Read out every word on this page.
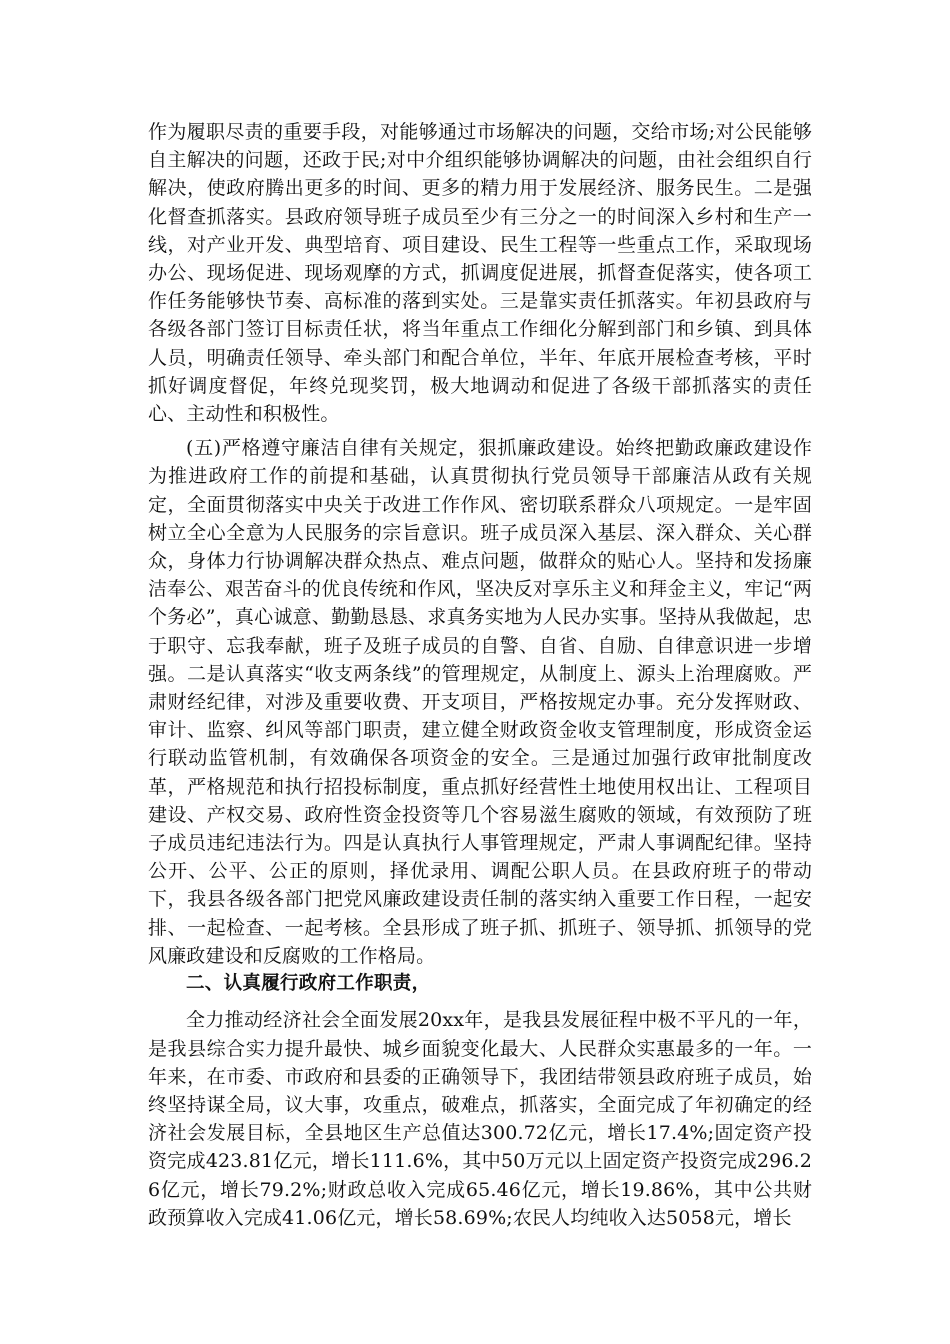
作为履职尽责的重要手段，对能够通过市场解决的问题，交给市场;对公民能够自主解决的问题，还政于民;对中介组织能够协调解决的问题，由社会组织自行解决，使政府腾出更多的时间、更多的精力用于发展经济、服务民生。二是强化督查抓落实。县政府领导班子成员至少有三分之一的时间深入乡村和生产一线，对产业开发、典型培育、项目建设、民生工程等一些重点工作，采取现场办公、现场促进、现场观摩的方式，抓调度促进展，抓督查促落实，使各项工作任务能够快节奏、高标准的落到实处。三是靠实责任抓落实。年初县政府与各级各部门签订目标责任状，将当年重点工作细化分解到部门和乡镇、到具体人员，明确责任领导、牵头部门和配合单位，半年、年底开展检查考核，平时抓好调度督促，年终兑现奖罚，极大地调动和促进了各级干部抓落实的责任心、主动性和积极性。

(五)严格遵守廉洁自律有关规定，狠抓廉政建设。始终把勤政廉政建设作为推进政府工作的前提和基础，认真贯彻执行党员领导干部廉洁从政有关规定，全面贯彻落实中央关于改进工作作风、密切联系群众八项规定。一是牢固树立全心全意为人民服务的宗旨意识。班子成员深入基层、深入群众、关心群众，身体力行协调解决群众热点、难点问题，做群众的贴心人。坚持和发扬廉洁奉公、艰苦奋斗的优良传统和作风，坚决反对享乐主义和拜金主义，牢记“两个务必”，真心诚意、勤勤恳恳、求真务实地为人民办实事。坚持从我做起，忠于职守、忘我奉献，班子及班子成员的自警、自省、自励、自律意识进一步增强。二是认真落实“收支两条线”的管理规定，从制度上、源头上治理腐败。严肃财经纪律，对涉及重要收费、开支项目，严格按规定办事。充分发挥财政、审计、监察、纠风等部门职责，建立健全财政资金收支管理制度，形成资金运行联动监管机制，有效确保各项资金的安全。三是通过加强行政审批制度改革，严格规范和执行招投标制度，重点抓好经营性土地使用权出让、工程项目建设、产权交易、政府性资金投资等几个容易滋生腐败的领域，有效预防了班子成员违纪违法行为。四是认真执行人事管理规定，严肃人事调配纪律。坚持公开、公平、公正的原则，择优录用、调配公职人员。在县政府班子的带动下，我县各级各部门把党风廉政建设责任制的落实纳入重要工作日程，一起安排、一起检查、一起考核。全县形成了班子抓、抓班子、领导抓、抓领导的党风廉政建设和反腐败的工作格局。

二、认真履行政府工作职责，

全力推动经济社会全面发展20xx年，是我县发展征程中极不平凡的一年，是我县综合实力提升最快、城乡面貌变化最大、人民群众实惠最多的一年。一年来，在市委、市政府和县委的正确领导下，我团结带领县政府班子成员，始终坚持谋全局，议大事，攻重点，破难点，抓落实，全面完成了年初确定的经济社会发展目标，全县地区生产总值达300.72亿元，增长17.4%;固定资产投资完成423.81亿元，增长111.6%，其中50万元以上固定资产投资完成296.26亿元，增长79.2%;财政总收入完成65.46亿元，增长19.86%，其中公共财政预算收入完成41.06亿元，增长58.69%;农民人均纯收入达5058元，增长
